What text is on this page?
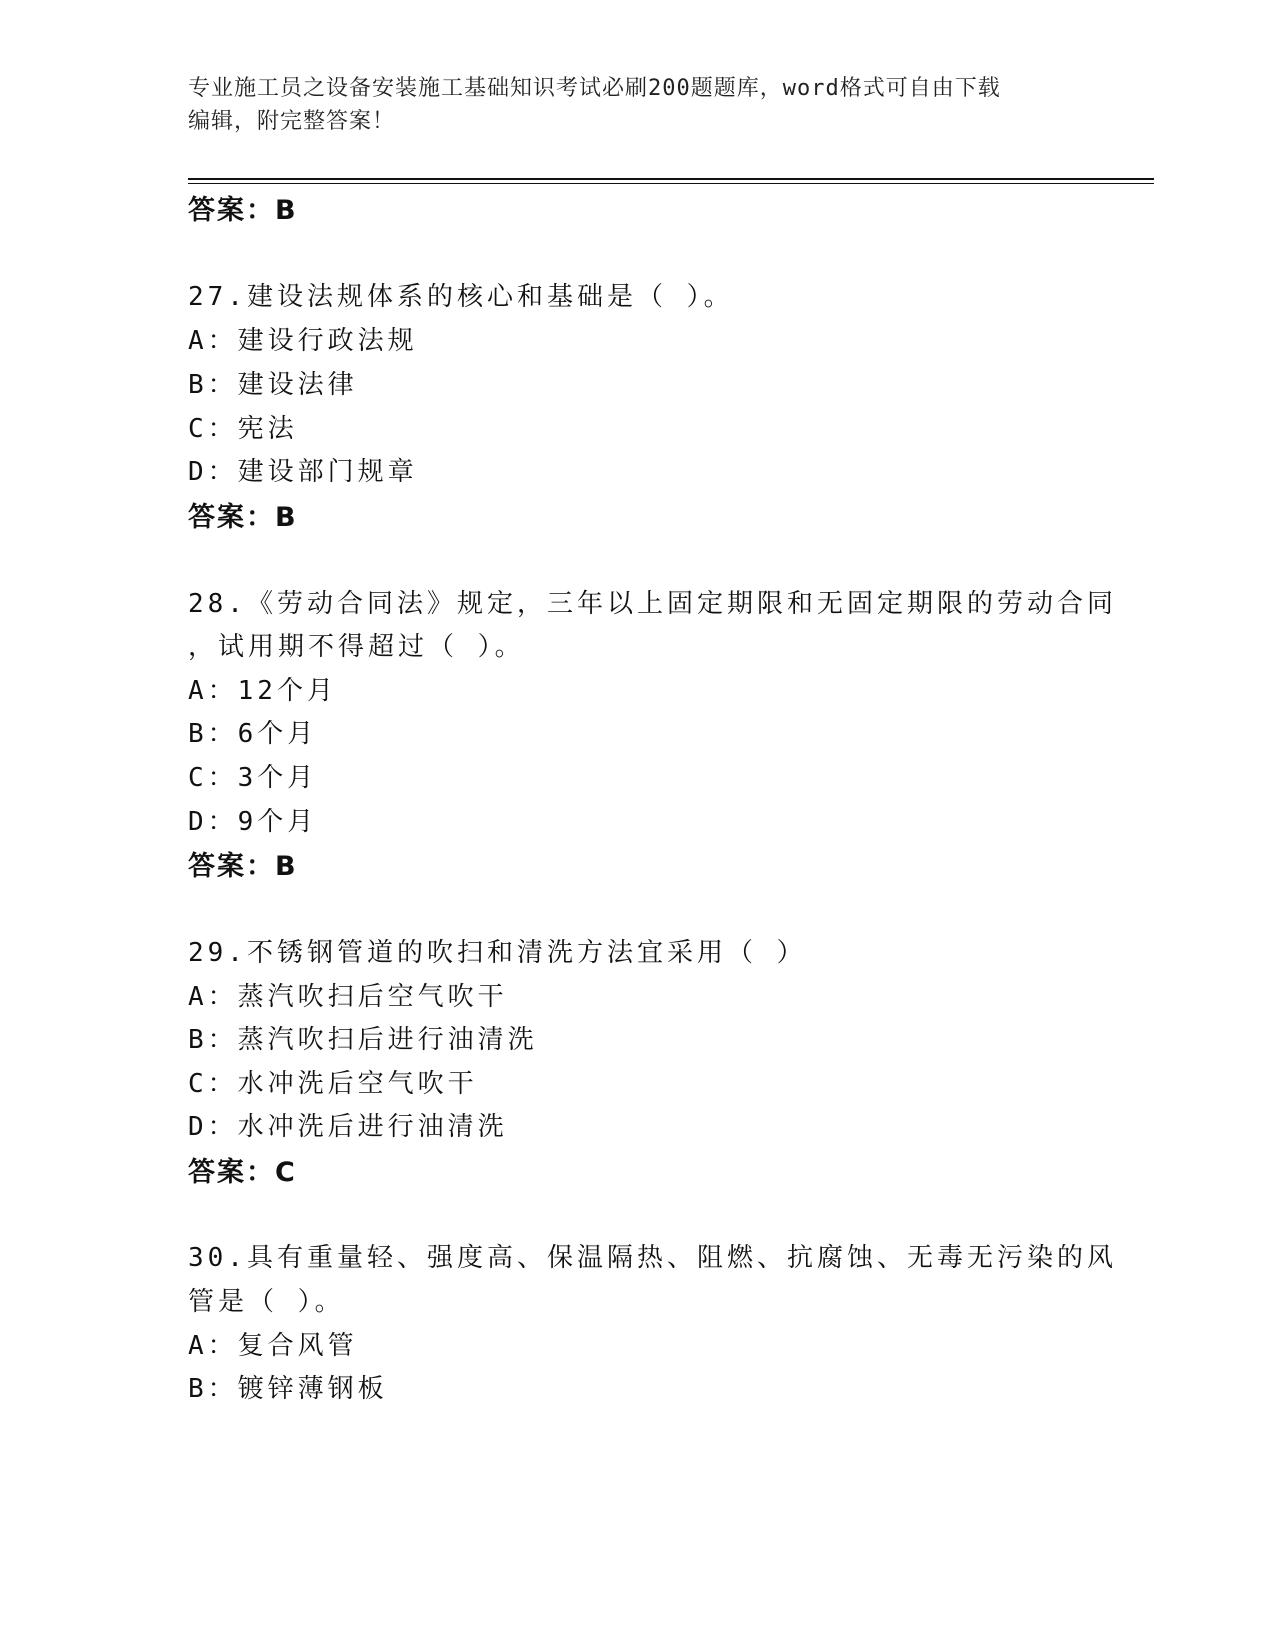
专业施工员之设备安装施工基础知识考试必刷200题题库，word格式可自由下载
编辑，附完整答案！
答案：B
27.建设法规体系的核心和基础是（ ）。
A：建设行政法规
B：建设法律
C：宪法
D：建设部门规章
答案：B
28.《劳动合同法》规定，三年以上固定期限和无固定期限的劳动合同
，试用期不得超过（ ）。
A：12个月
B：6个月
C：3个月
D：9个月
答案：B
29.不锈钢管道的吹扫和清洗方法宜采用（ ）
A：蒸汽吹扫后空气吹干
B：蒸汽吹扫后进行油清洗
C：水冲洗后空气吹干
D：水冲洗后进行油清洗
答案：C
30.具有重量轻、强度高、保温隔热、阻燃、抗腐蚀、无毒无污染的风
管是（ ）。
A：复合风管
B：镀锌薄钢板
